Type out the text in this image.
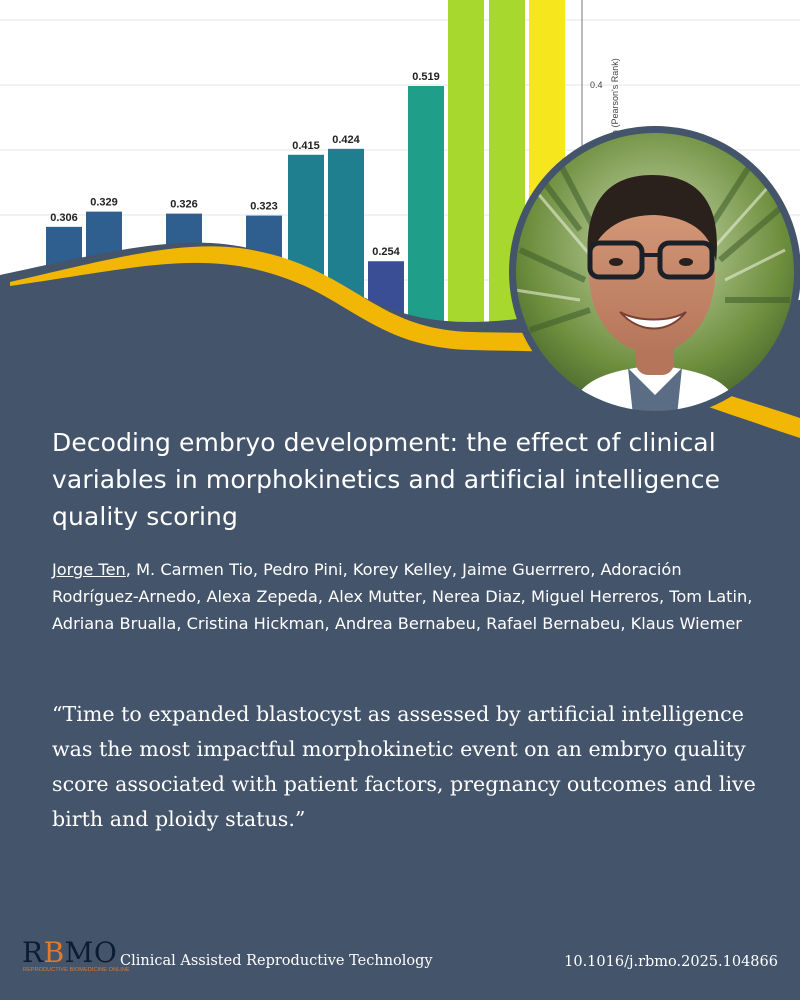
0.306
0.329	0.326	0.323
0.415 0.424
0.254
0.519
0.4 n (Pearson's Rank)
Decoding embryo development: the effect of clinical variables in morphokinetics and artificial intelligence quality scoring

Jorge Ten, M. Carmen Tio, Pedro Pini, Korey Kelley, Jaime Guerrrero, Adoración Rodríguez-Arnedo, Alexa Zepeda, Alex Mutter, Nerea Diaz, Miguel Herreros, Tom Latin, Adriana Brualla, Cristina Hickman, Andrea Bernabeu, Rafael Bernabeu, Klaus Wiemer

“Time to expanded blastocyst as assessed by artificial intelligence was the most impactful morphokinetic event on an embryo quality score associated with patient factors, pregnancy outcomes and live birth and ploidy status.”

RBMO
REPRODUCTIVE BIOMEDICINE ONLINE
Clinical Assisted Reproductive Technology	10.1016/j.rbmo.2025.104866
